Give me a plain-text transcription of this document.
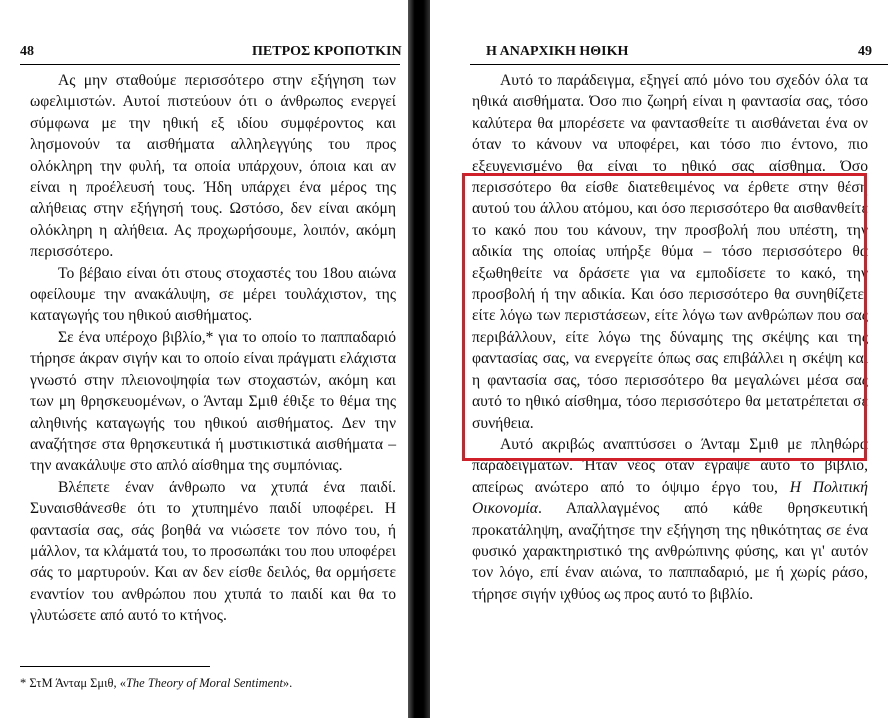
48	ΠΕΤΡΟΣ ΚΡΟΠΟΤΚΙΝ

Ας μην σταθούμε περισσότερο στην εξήγηση των ωφελιμιστών. Αυτοί πιστεύουν ότι ο άνθρωπος ενεργεί σύμφωνα με την ηθική εξ ιδίου συμφέροντος και λησμονούν τα αισθήματα αλληλεγγύης του προς ολόκληρη την φυλή, τα οποία υπάρχουν, όποια και αν είναι η προέλευσή τους. Ήδη υπάρχει ένα μέρος της αλήθειας στην εξήγησή τους. Ωστόσο, δεν είναι ακόμη ολόκληρη η αλήθεια. Ας προχωρήσουμε, λοιπόν, ακόμη περισσότερο.

Το βέβαιο είναι ότι στους στοχαστές του 18ου αιώνα οφείλουμε την ανακάλυψη, σε μέρει τουλάχιστον, της καταγωγής του ηθικού αισθήματος.

Σε ένα υπέροχο βιβλίο,* για το οποίο το παππαδαριό τήρησε άκραν σιγήν και το οποίο είναι πράγματι ελάχιστα γνωστό στην πλειονοψηφία των στοχαστών, ακόμη και των μη θρησκευομένων, ο Άνταμ Σμιθ έθιξε το θέμα της αληθινής καταγωγής του ηθικού αισθήματος. Δεν την αναζήτησε στα θρησκευτικά ή μυστικιστικά αισθήματα – την ανακάλυψε στο απλό αίσθημα της συμπόνιας.

Βλέπετε έναν άνθρωπο να χτυπά ένα παιδί. Συναισθάνεσθε ότι το χτυπημένο παιδί υποφέρει. Η φαντασία σας, σάς βοηθά να νιώσετε τον πόνο του, ή μάλλον, τα κλάματά του, το προσωπάκι του που υποφέρει σάς το μαρτυρούν. Και αν δεν είσθε δειλός, θα ορμήσετε εναντίον του ανθρώπου που χτυπά το παιδί και θα το γλυτώσετε από αυτό το κτήνος.

* ΣτΜ Άνταμ Σμιθ, «The Theory of Moral Sentiment».
Η ΑΝΑΡΧΙΚΗ ΗΘΙΚΗ	49

Αυτό το παράδειγμα, εξηγεί από μόνο του σχεδόν όλα τα ηθικά αισθήματα. Όσο πιο ζωηρή είναι η φαντασία σας, τόσο καλύτερα θα μπορέσετε να φαντασθείτε τι αισθάνεται ένα ον όταν το κάνουν να υποφέρει, και τόσο πιο έντονο, πιο εξευγενισμένο θα είναι το ηθικό σας αίσθημα. Όσο περισσότερο θα είσθε διατεθειμένος να έρθετε στην θέση αυτού του άλλου ατόμου, και όσο περισσότερο θα αισθανθείτε το κακό που του κάνουν, την προσβολή που υπέστη, την αδικία της οποίας υπήρξε θύμα – τόσο περισσότερο θα εξωθηθείτε να δράσετε για να εμποδίσετε το κακό, την προσβολή ή την αδικία. Και όσο περισσότερο θα συνηθίζετε, είτε λόγω των περιστάσεων, είτε λόγω των ανθρώπων που σας περιβάλλουν, είτε λόγω της δύναμης της σκέψης και της φαντασίας σας, να ενεργείτε όπως σας επιβάλλει η σκέψη και η φαντασία σας, τόσο περισσότερο θα μεγαλώνει μέσα σας αυτό το ηθικό αίσθημα, τόσο περισσότερο θα μετατρέπεται σε συνήθεια.

Αυτό ακριβώς αναπτύσσει ο Άνταμ Σμιθ με πληθώρα παραδειγμάτων. Ήταν νέος όταν έγραψε αυτό το βιβλίο, απείρως ανώτερο από το όψιμο έργο του, Η Πολιτική Οικονομία. Απαλλαγμένος από κάθε θρησκευτική προκατάληψη, αναζήτησε την εξήγηση της ηθικότητας σε ένα φυσικό χαρακτηριστικό της ανθρώπινης φύσης, και γι' αυτόν τον λόγο, επί έναν αιώνα, το παππαδαριό, με ή χωρίς ράσο, τήρησε σιγήν ιχθύος ως προς αυτό το βιβλίο.
